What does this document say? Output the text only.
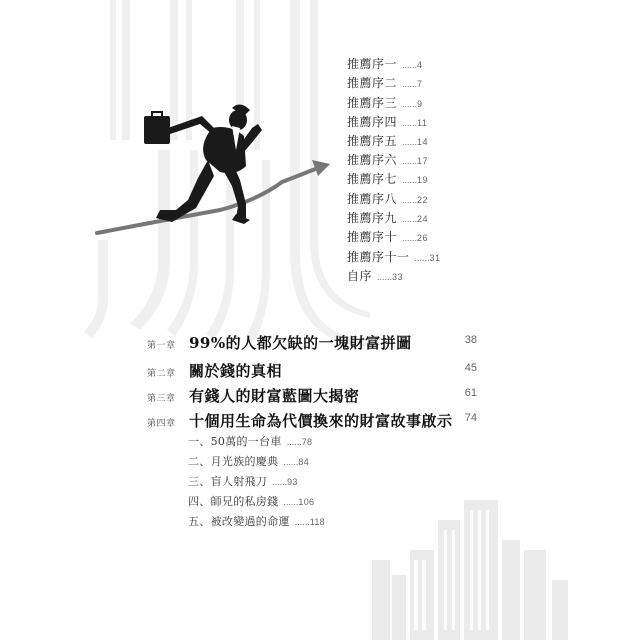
推薦序一 ......4
推薦序二 ......7
推薦序三 ......9
推薦序四 ......11
推薦序五 ......14
推薦序六 ......17
推薦序七 ......19
推薦序八 ......22
推薦序九 ......24
推薦序十 ......26
推薦序十一 ......31
自序 ......33
第一章 99%的人都欠缺的一塊財富拼圖	38
第二章 關於錢的真相	45
第三章 有錢人的財富藍圖大揭密	61
第四章 十個用生命為代價換來的財富故事啟示 74
一、50萬的一台車 ......78
二、月光族的慶典 ......84
三、盲人射飛刀 ......93
四、師兄的私房錢 ......106
五、被改變過的命運 ......118
